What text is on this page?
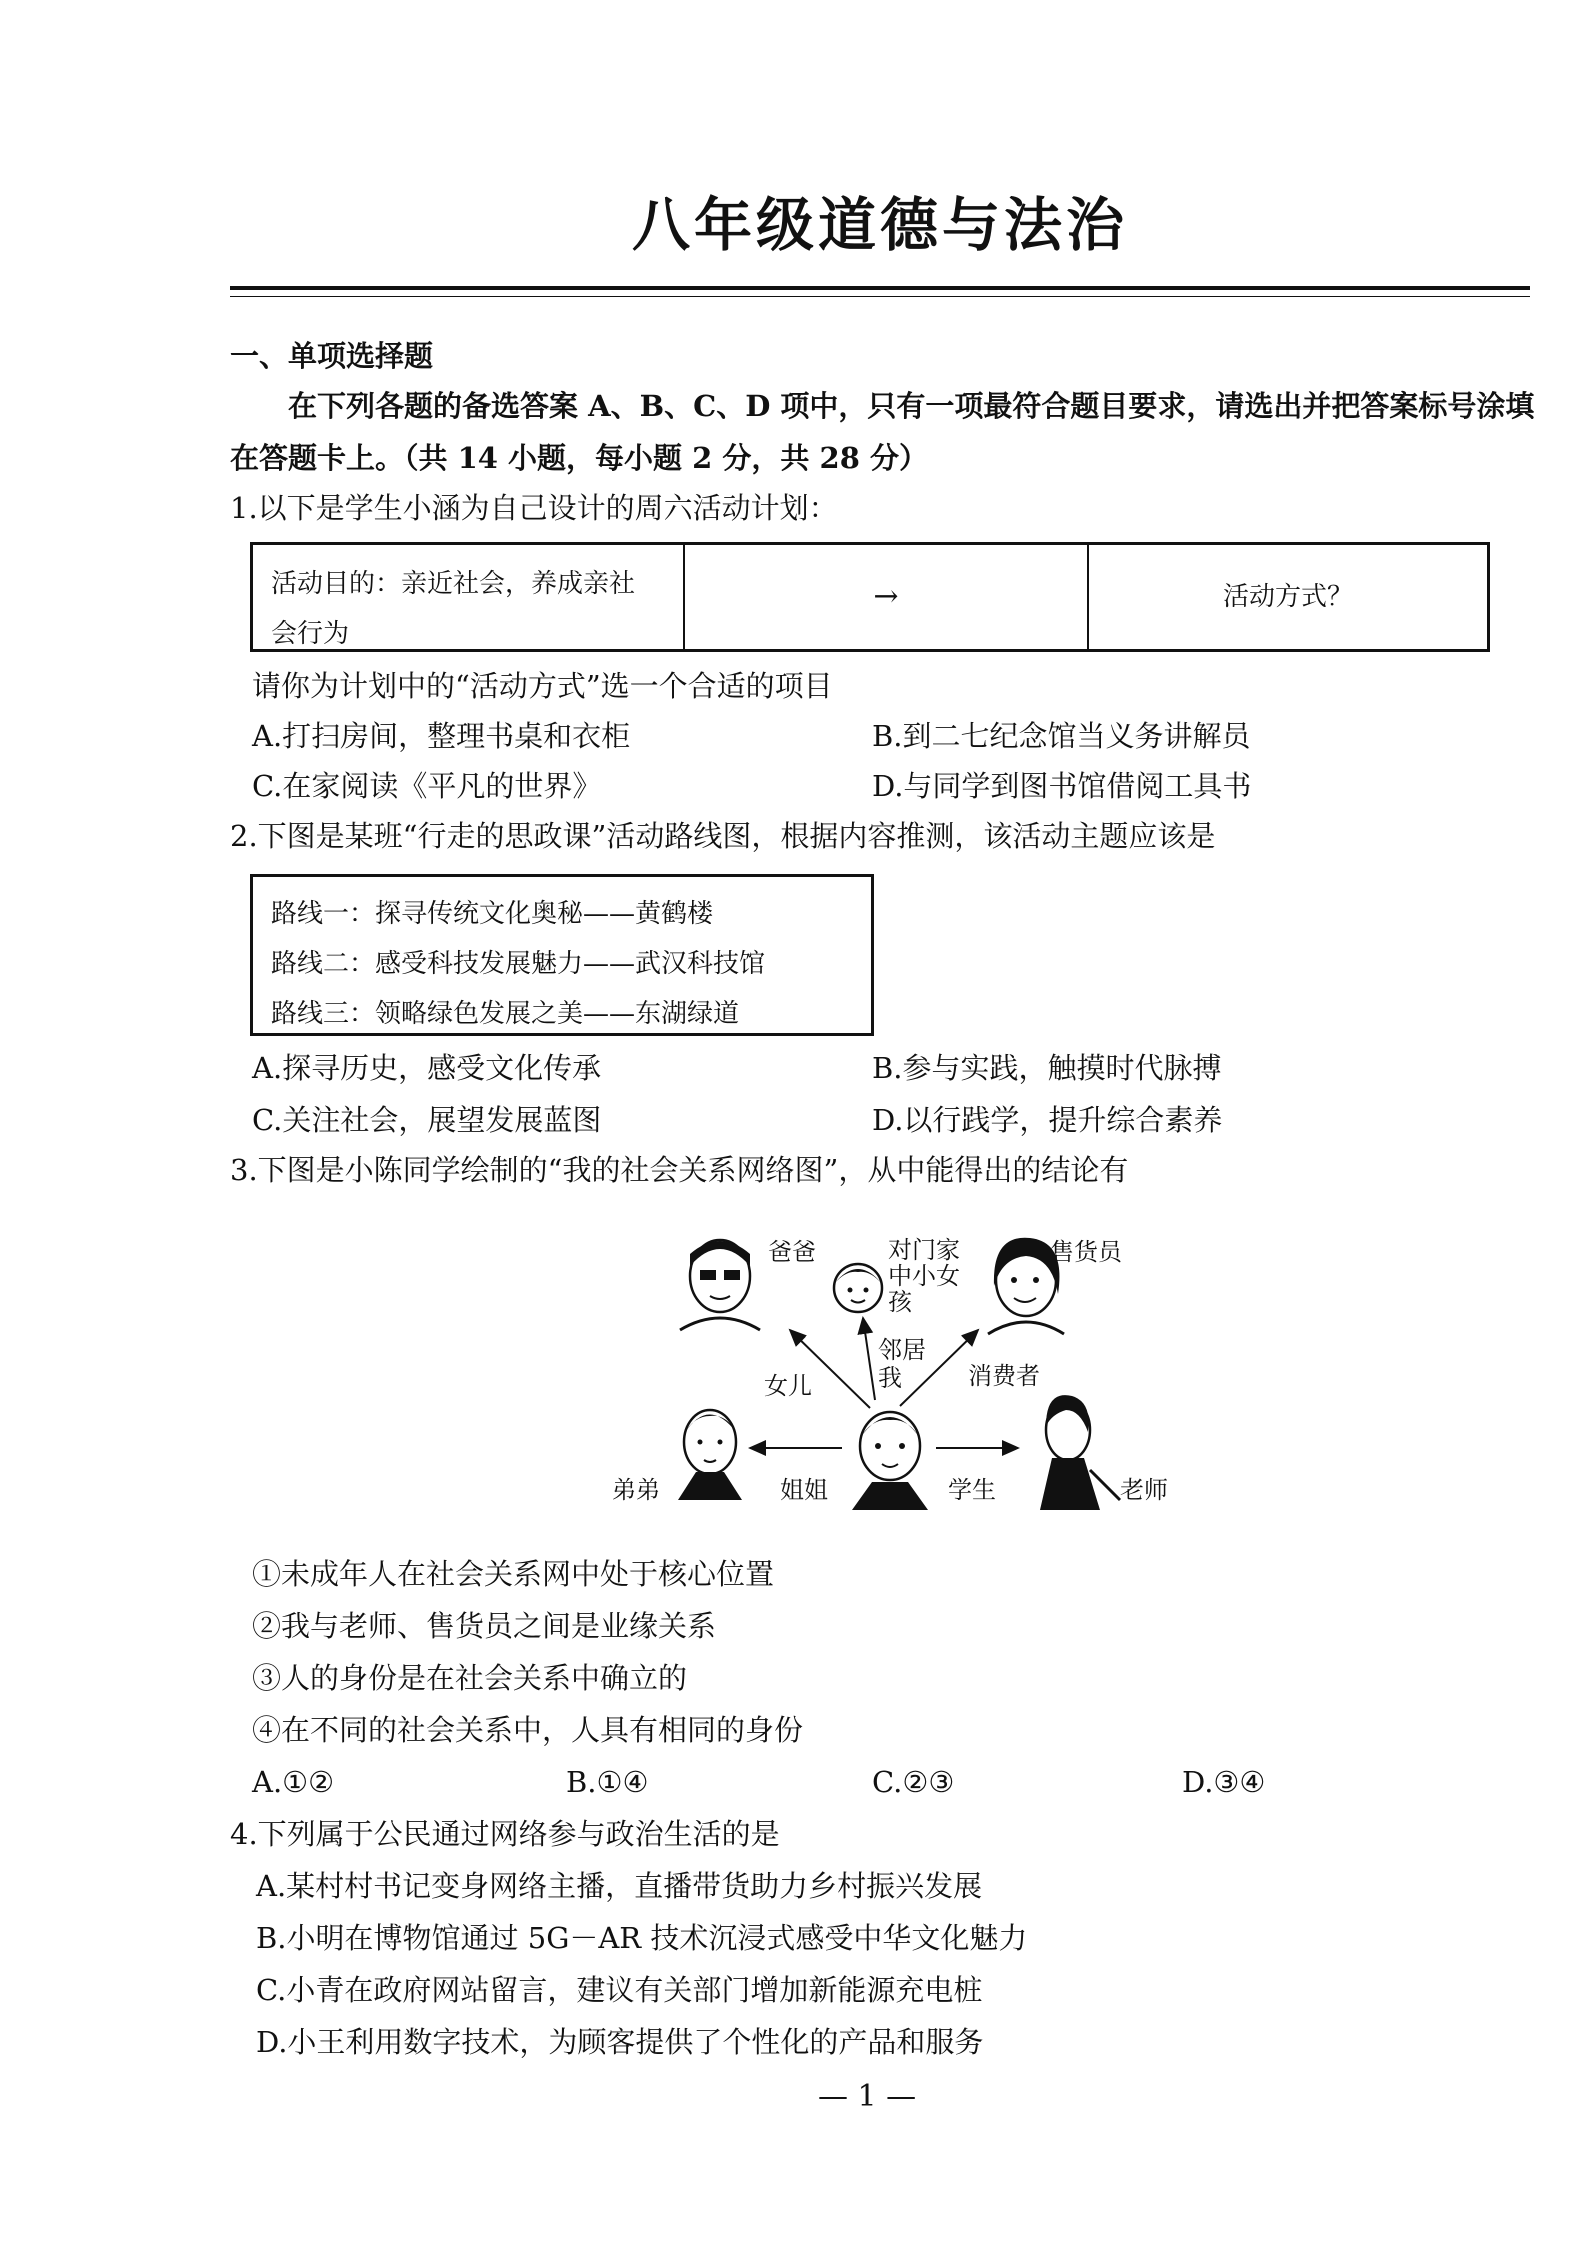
八年级道德与法治
一、单项选择题
在下列各题的备选答案 A、B、C、D 项中，只有一项最符合题目要求，请选出并把答案标号涂填
在答题卡上。（共 14 小题，每小题 2 分，共 28 分）
1.以下是学生小涵为自己设计的周六活动计划：
活动目的：亲近社会，养成亲社
会行为
→	活动方式？
请你为计划中的“活动方式”选一个合适的项目
A.打扫房间，整理书桌和衣柜	B.到二七纪念馆当义务讲解员
C.在家阅读《平凡的世界》	D.与同学到图书馆借阅工具书
2.下图是某班“行走的思政课”活动路线图，根据内容推测，该活动主题应该是
路线一：探寻传统文化奥秘——黄鹤楼
路线二：感受科技发展魅力——武汉科技馆
路线三：领略绿色发展之美——东湖绿道
A.探寻历史，感受文化传承	B.参与实践，触摸时代脉搏
C.关注社会，展望发展蓝图	D.以行践学，提升综合素养
3.下图是小陈同学绘制的“我的社会关系网络图”，从中能得出的结论有
爸爸	对门家
中小女
孩
售货员
女儿
邻居
我	消费者
弟弟	姐姐	学生	老师
①未成年人在社会关系网中处于核心位置
②我与老师、售货员之间是业缘关系
③人的身份是在社会关系中确立的
④在不同的社会关系中，人具有相同的身份
A.①②	B.①④	C.②③	D.③④
4.下列属于公民通过网络参与政治生活的是
A.某村村书记变身网络主播，直播带货助力乡村振兴发展
B.小明在博物馆通过 5G－AR 技术沉浸式感受中华文化魅力
C.小青在政府网站留言，建议有关部门增加新能源充电桩
D.小王利用数字技术，为顾客提供了个性化的产品和服务
— 1 —
